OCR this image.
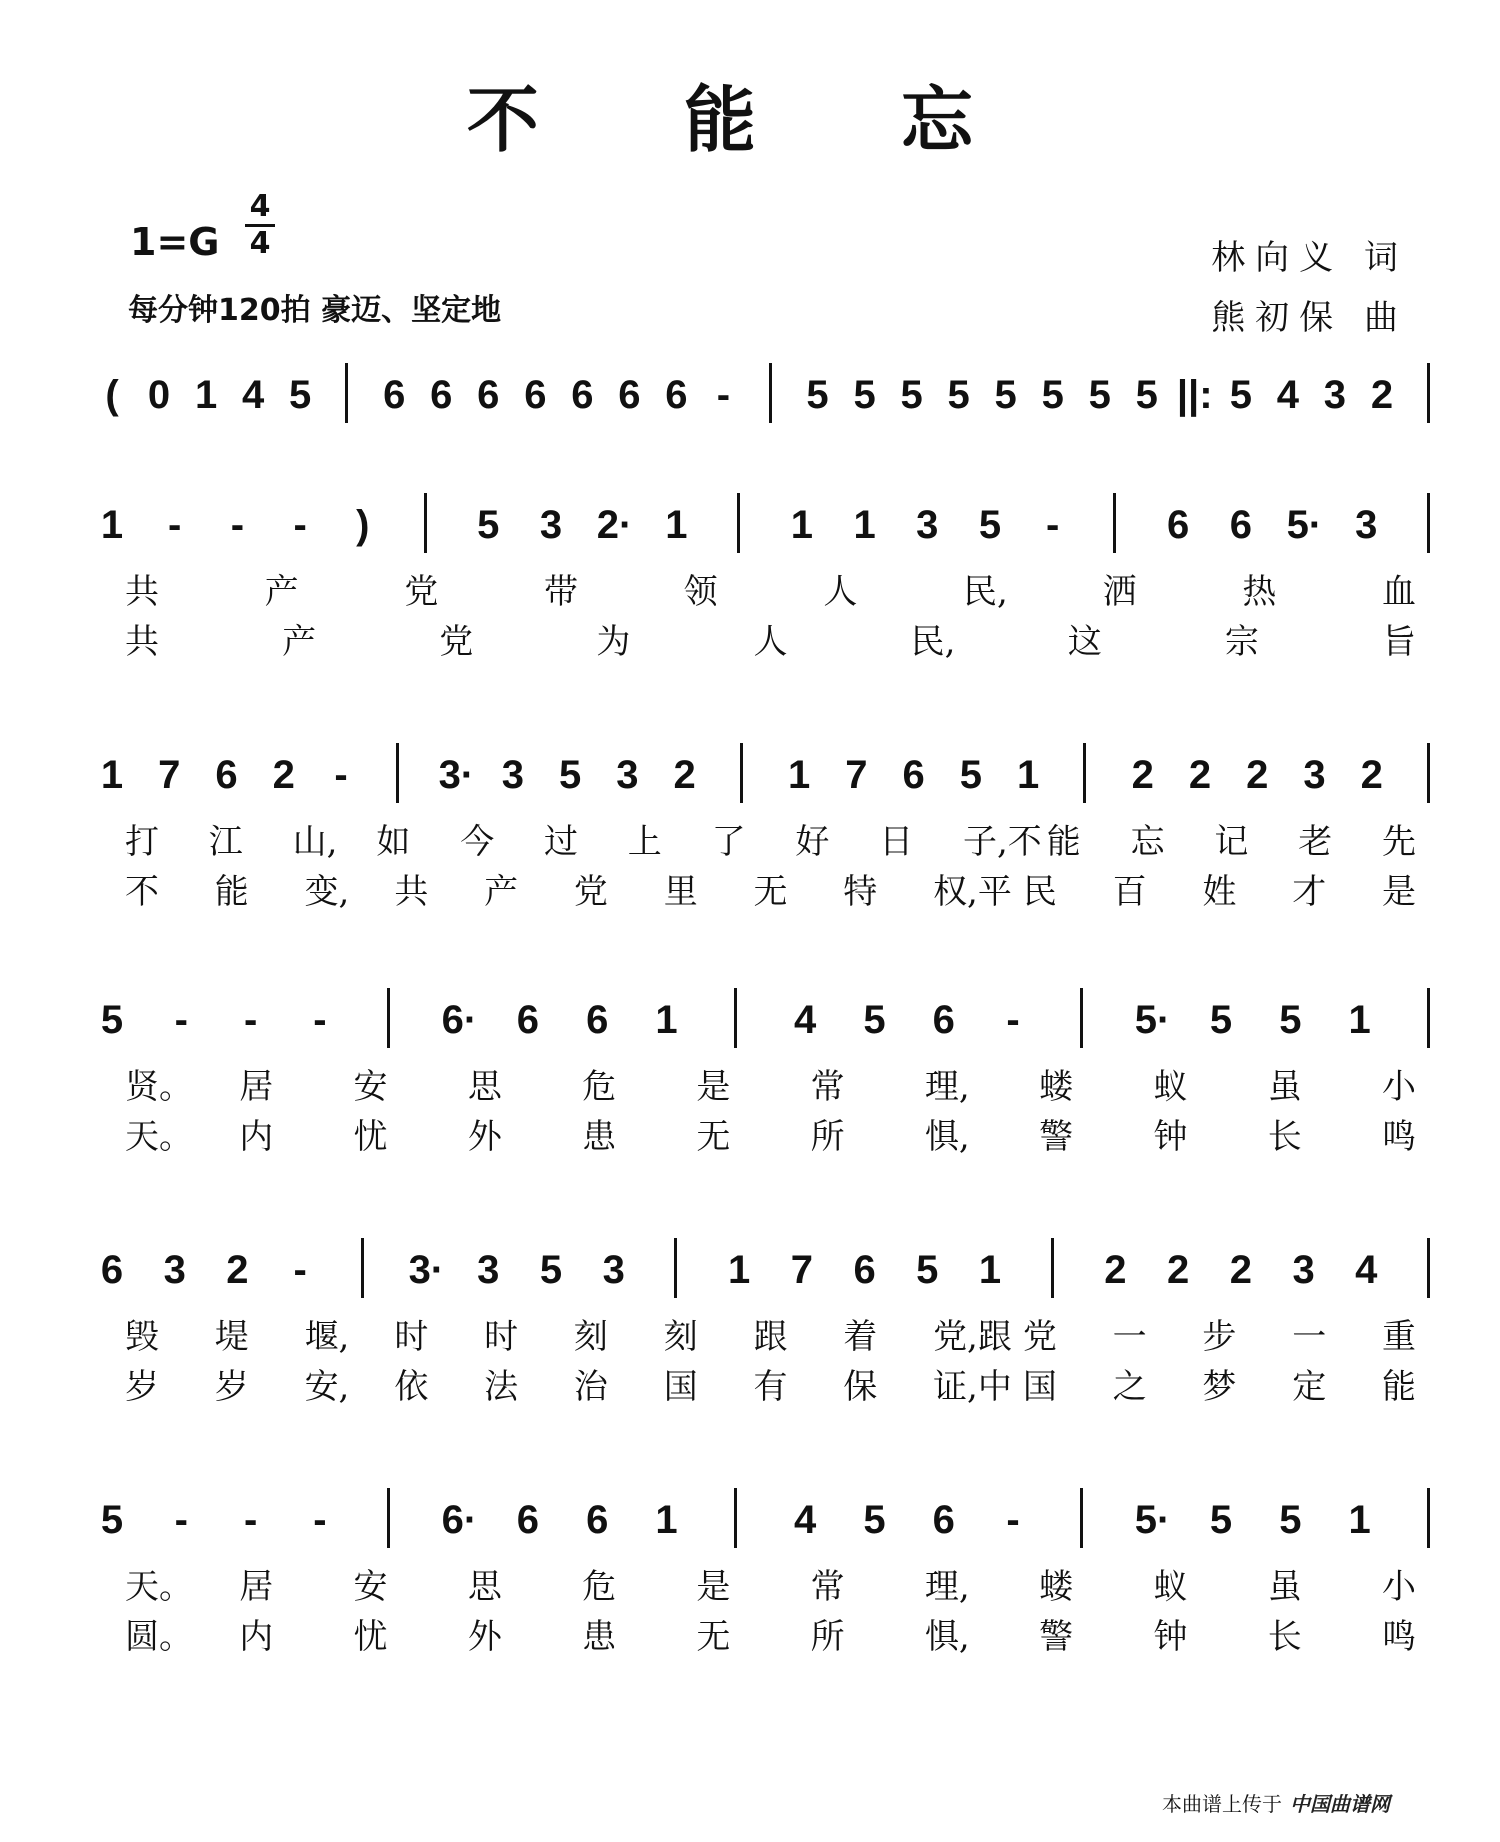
不 能 忘
1=G
4
4
每分钟120拍 豪迈、坚定地
林向义 词
熊初保 曲
( 0 1 4 5 6 6 6 6 6 6 6 - 5 5 5 5 5 5 5 5 ||: 5 4 3 2
1 - - - )	5 3 2· 1	1 1 3 5 -	6 6 5· 3
共	产	党	带	领	人	民,	洒	热	血
共	产	党	为	人	民,	这	宗	旨
1 7 6 2 - 3· 3 5 3 2 1 7 6 5 1 2 2 2 3 2
打 江 山, 如 今 过 上 了 好 日 子,不 能 忘 记 老 先
不 能 变, 共 产 党 里 无 特 权,平 民 百 姓 才 是
5 - - -	6· 6 6 1	4 5 6 -	5· 5 5 1
贤。 居 安 思 危 是 常 理, 蝼 蚁 虽 小
天。 内 忧 外 患 无 所 惧, 警 钟 长 鸣
6 3 2 -	3· 3 5 3	1 7 6 5 1	2 2 2 3 4
毁 堤 堰, 时 时 刻 刻 跟 着 党,跟 党 一 步 一 重
岁 岁 安, 依 法 治 国 有 保 证,中 国 之 梦 定 能
5 - - -	6· 6 6 1	4 5 6 -	5· 5 5 1
天。 居 安 思 危 是 常 理, 蝼 蚁 虽 小
圆。 内 忧 外 患 无 所 惧, 警 钟 长 鸣
本曲谱上传于 中国曲谱网
